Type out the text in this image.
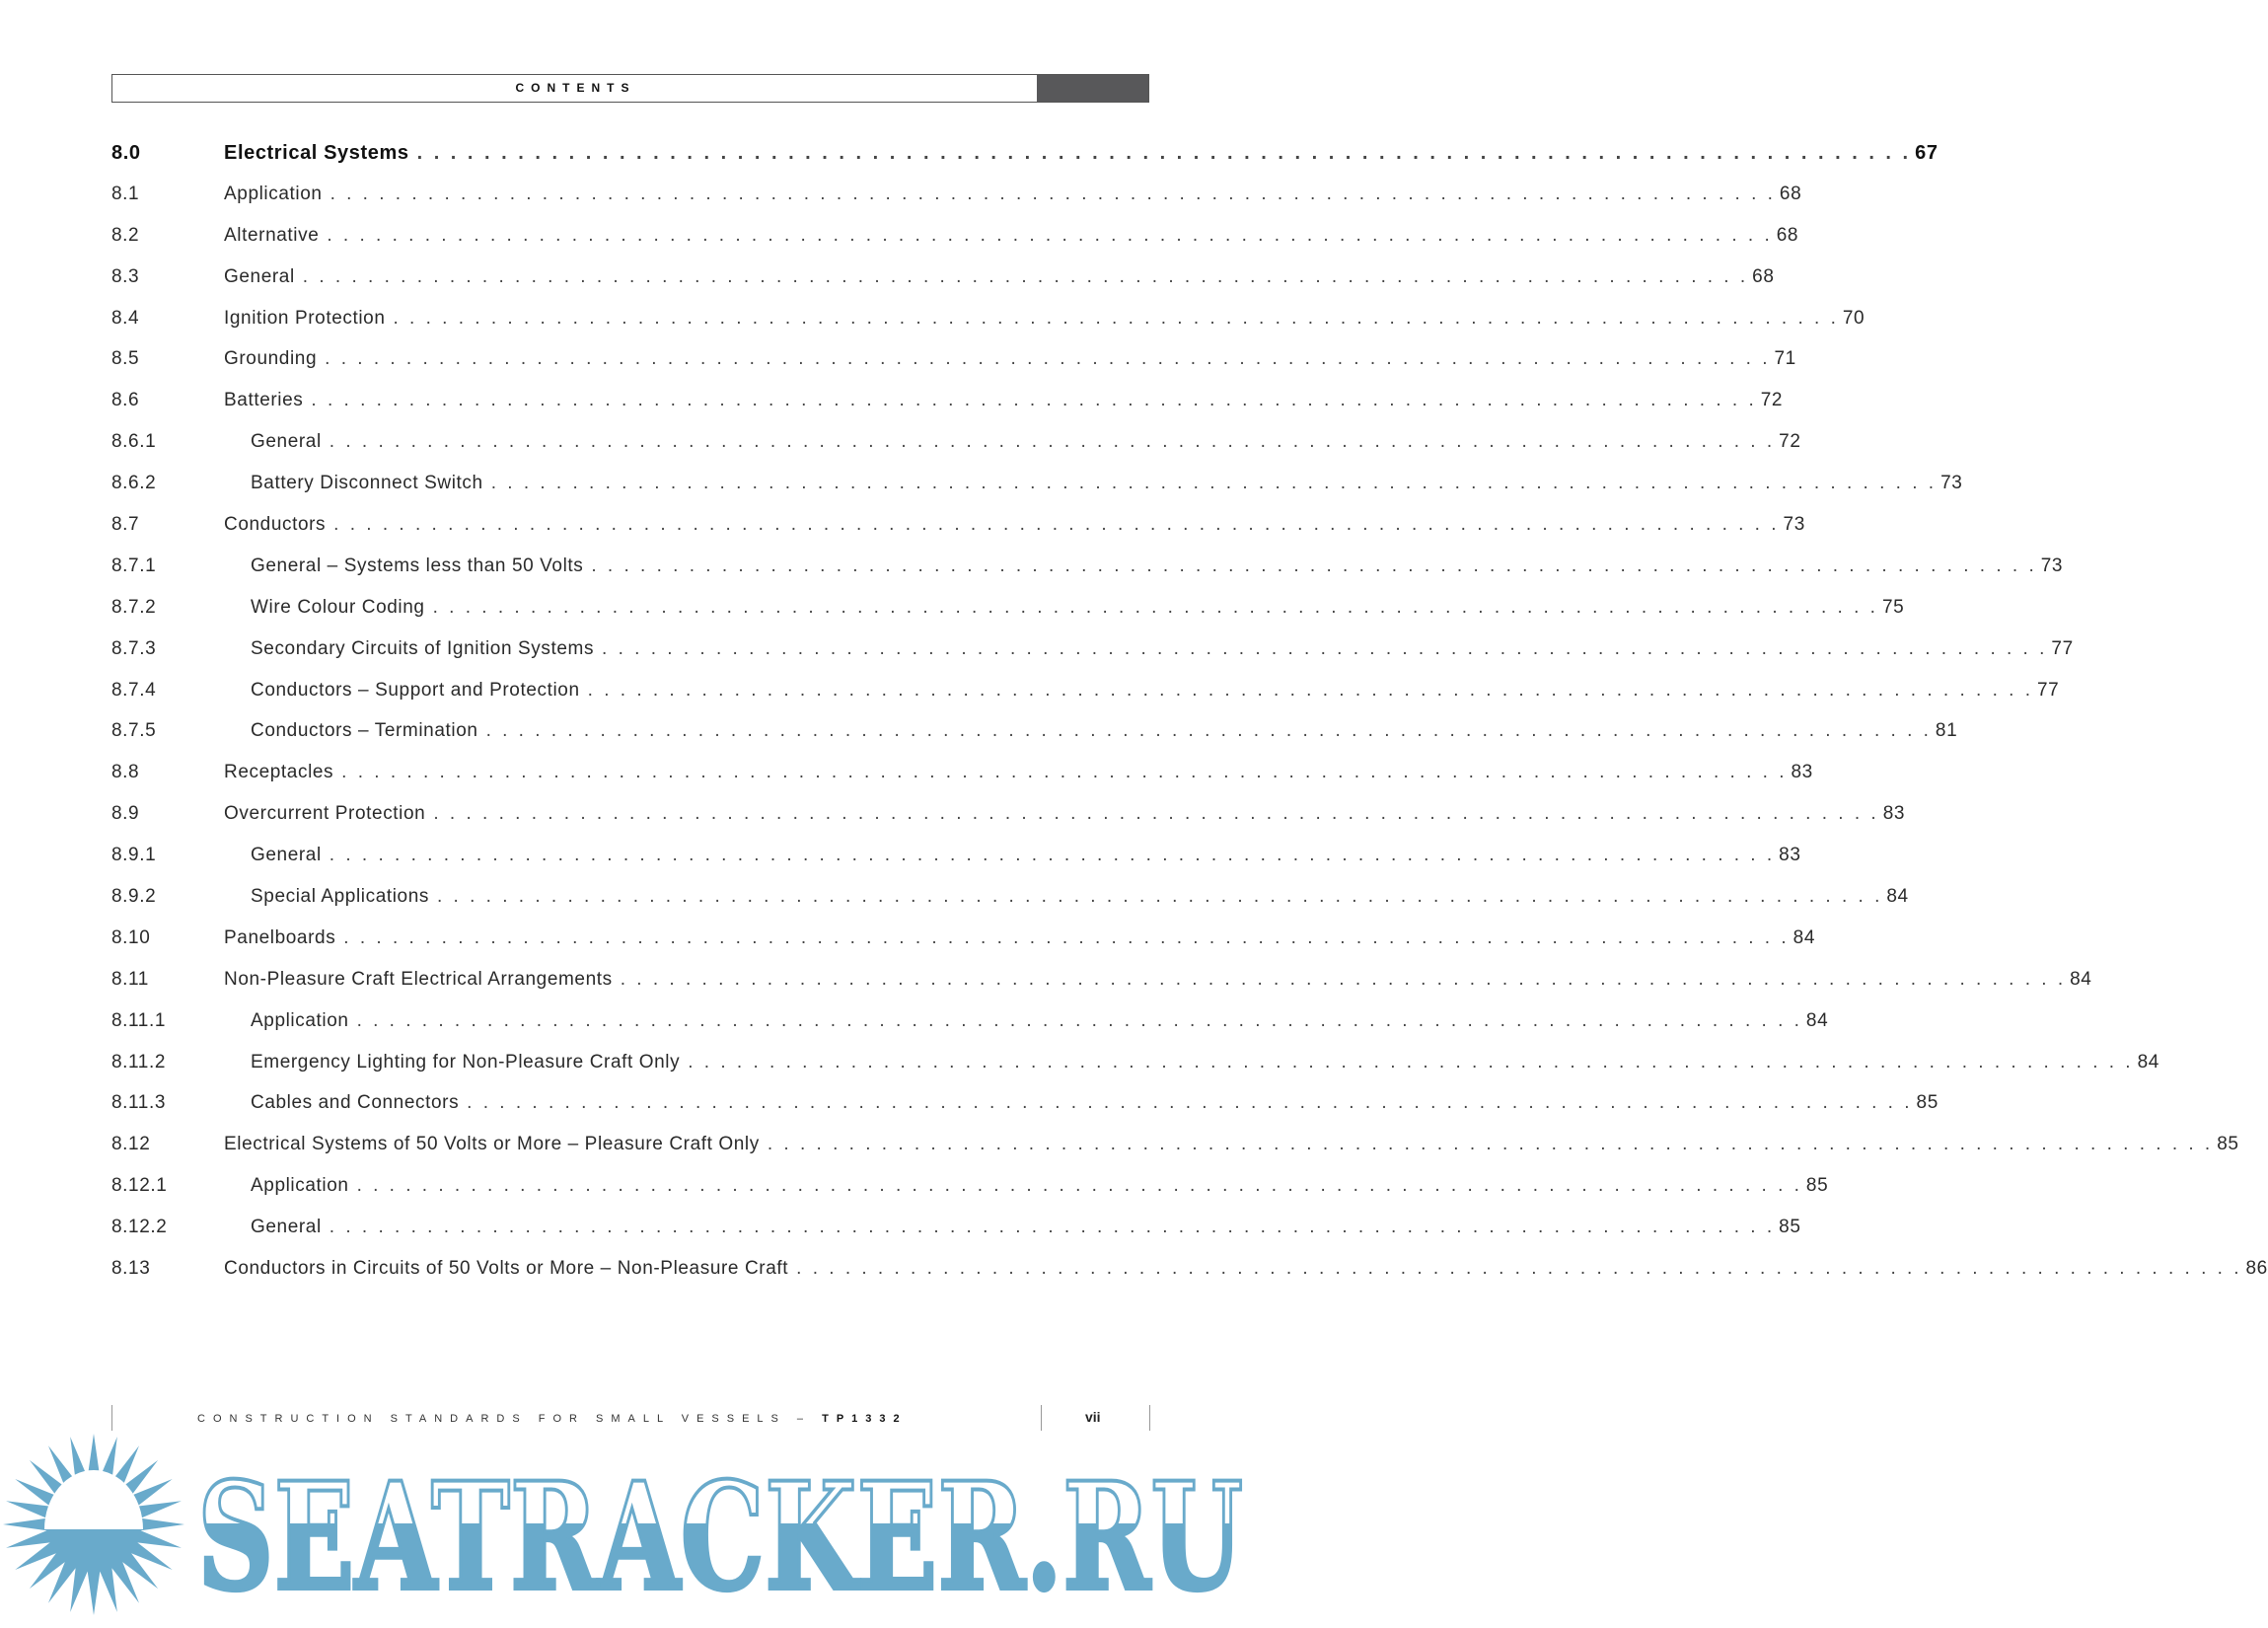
CONTENTS
8.0	Electrical Systems . . .	67
8.1	Application . . .	68
8.2	Alternative . . .	68
8.3	General . . .	68
8.4	Ignition Protection . . .	70
8.5	Grounding . . .	71
8.6	Batteries . . .	72
8.6.1	General . . .	72
8.6.2	Battery Disconnect Switch . . .	73
8.7	Conductors . . .	73
8.7.1	General – Systems less than 50 Volts . . .	73
8.7.2	Wire Colour Coding . . .	75
8.7.3	Secondary Circuits of Ignition Systems . . .	77
8.7.4	Conductors – Support and Protection . . .	77
8.7.5	Conductors – Termination . . .	81
8.8	Receptacles . . .	83
8.9	Overcurrent Protection . . .	83
8.9.1	General . . .	83
8.9.2	Special Applications . . .	84
8.10	Panelboards . . .	84
8.11	Non-Pleasure Craft Electrical Arrangements . . .	84
8.11.1	Application . . .	84
8.11.2	Emergency Lighting for Non-Pleasure Craft Only . . .	84
8.11.3	Cables and Connectors . . .	85
8.12	Electrical Systems of 50 Volts or More – Pleasure Craft Only . . .	85
8.12.1	Application . . .	85
8.12.2	General . . .	85
8.13	Conductors in Circuits of 50 Volts or More – Non-Pleasure Craft . . .	86
CONSTRUCTION STANDARDS FOR SMALL VESSELS – TP1332	vii
SEATRACKER.RU
